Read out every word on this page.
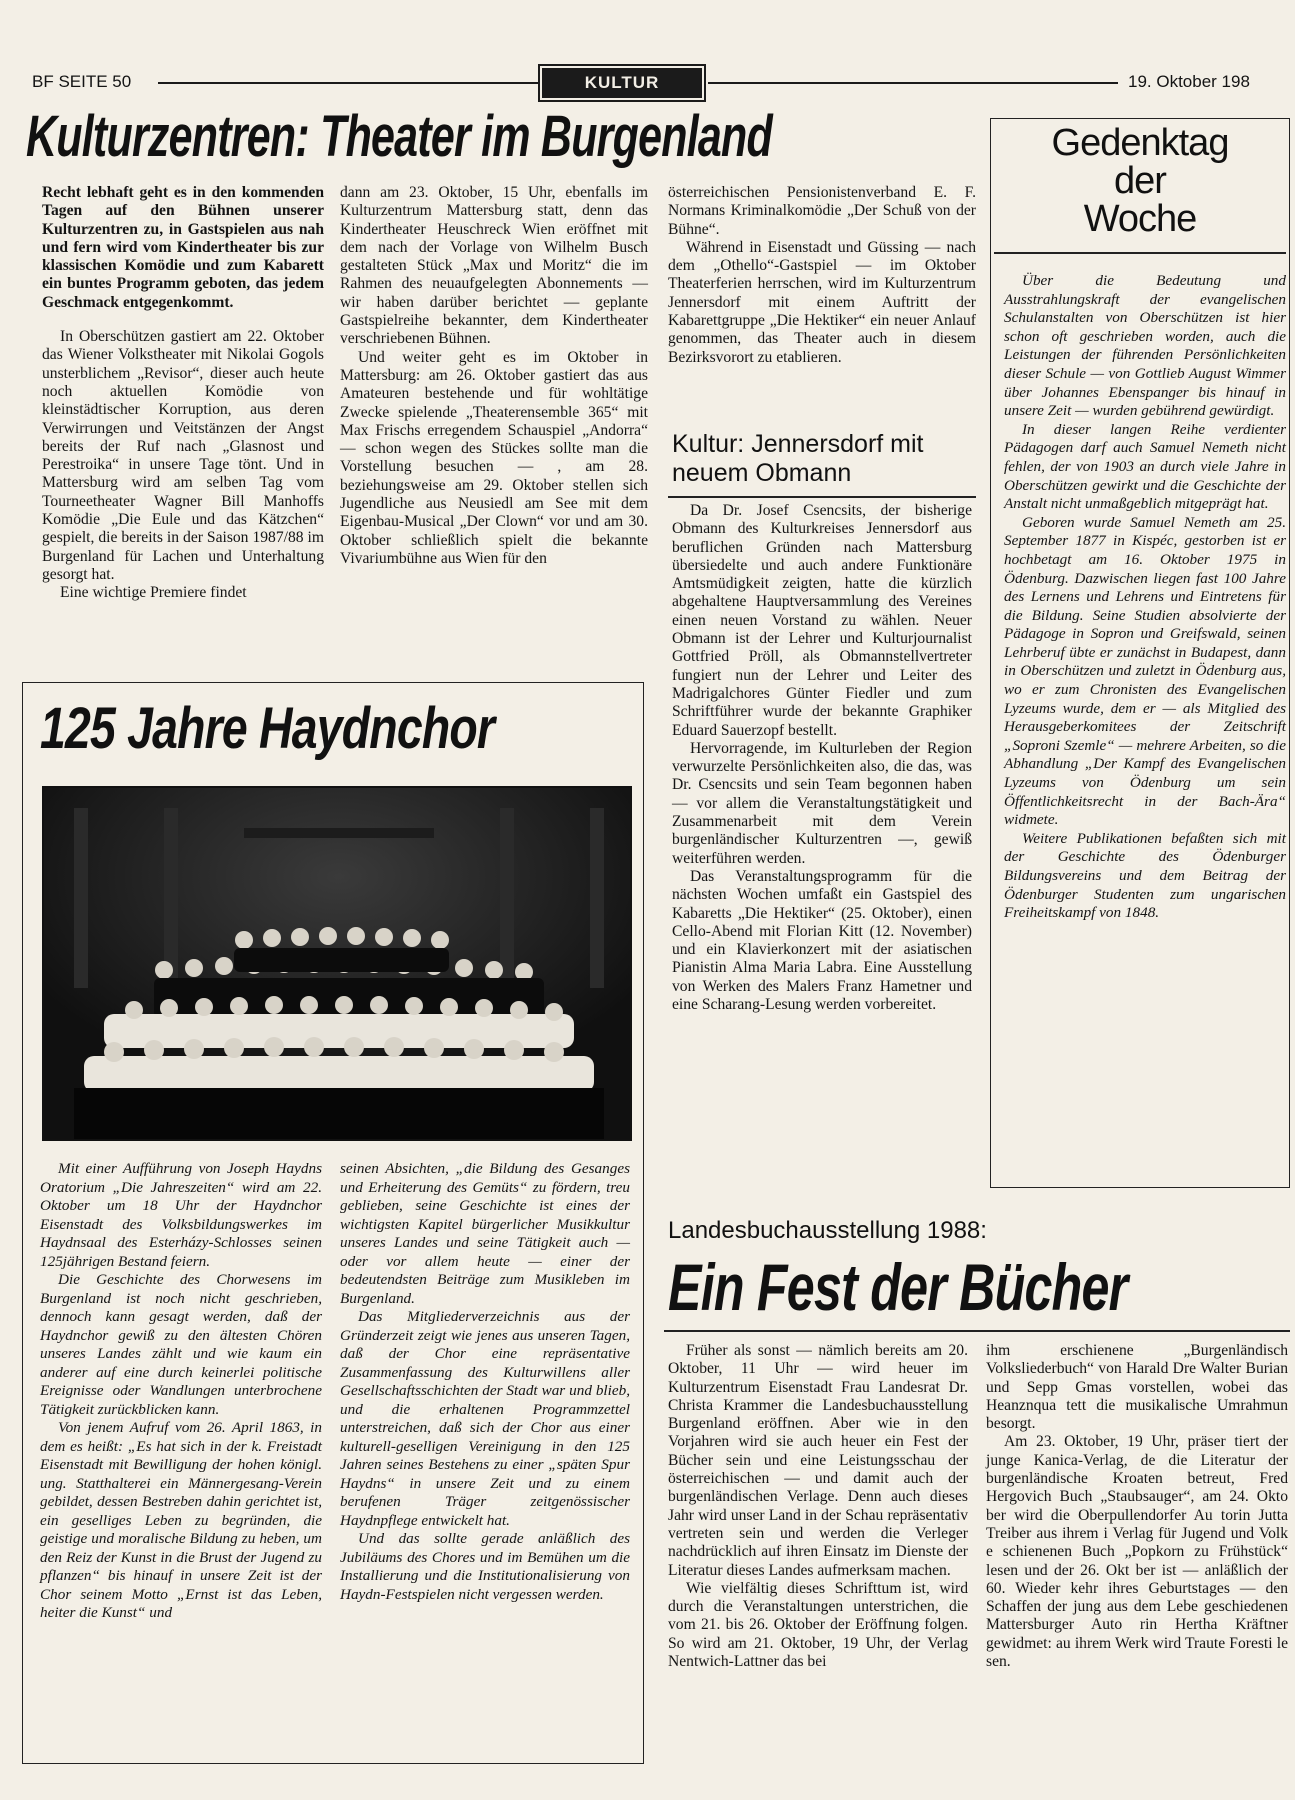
BF SEITE 50	KULTUR	19. Oktober 198
Kulturzentren: Theater im Burgenland

Recht lebhaft geht es in den kommenden Tagen auf den Bühnen unserer Kulturzentren zu, in Gastspielen aus nah und fern wird vom Kindertheater bis zur klassischen Komödie und zum Kabarett ein buntes Programm geboten, das jedem Geschmack entgegenkommt.

In Oberschützen gastiert am 22. Oktober das Wiener Volkstheater mit Nikolai Gogols unsterblichem „Revisor“, dieser auch heute noch aktuellen Komödie von kleinstädtischer Korruption, aus deren Verwirrungen und Veitstänzen der Angst bereits der Ruf nach „Glasnost und Perestroika“ in unsere Tage tönt. Und in Mattersburg wird am selben Tag vom Tourneetheater Wagner Bill Manhoffs Komödie „Die Eule und das Kätzchen“ gespielt, die bereits in der Saison 1987/88 im Burgenland für Lachen und Unterhaltung gesorgt hat.

Eine wichtige Premiere findet

dann am 23. Oktober, 15 Uhr, ebenfalls im Kulturzentrum Mattersburg statt, denn das Kindertheater Heuschreck Wien eröffnet mit dem nach der Vorlage von Wilhelm Busch gestalteten Stück „Max und Moritz“ die im Rahmen des neuaufgelegten Abonnements — wir haben darüber berichtet — geplante Gastspielreihe bekannter, dem Kindertheater verschriebenen Bühnen.

Und weiter geht es im Oktober in Mattersburg: am 26. Oktober gastiert das aus Amateuren bestehende und für wohltätige Zwecke spielende „Theaterensemble 365“ mit Max Frischs erregendem Schauspiel „Andorra“ — schon wegen des Stückes sollte man die Vorstellung besuchen — , am 28. beziehungsweise am 29. Oktober stellen sich Jugendliche aus Neusiedl am See mit dem Eigenbau-Musical „Der Clown“ vor und am 30. Oktober schließlich spielt die bekannte Vivariumbühne aus Wien für den

österreichischen Pensionistenverband E. F. Normans Kriminalkomödie „Der Schuß von der Bühne“.

Während in Eisenstadt und Güssing — nach dem „Othello“-Gastspiel — im Oktober Theaterferien herrschen, wird im Kulturzentrum Jennersdorf mit einem Auftritt der Kabarettgruppe „Die Hektiker“ ein neuer Anlauf genommen, das Theater auch in diesem Bezirksvorort zu etablieren.

Kultur: Jennersdorf mit neuem Obmann

Da Dr. Josef Csencsits, der bisherige Obmann des Kulturkreises Jennersdorf aus beruflichen Gründen nach Mattersburg übersiedelte und auch andere Funktionäre Amtsmüdigkeit zeigten, hatte die kürzlich abgehaltene Hauptversammlung des Vereines einen neuen Vorstand zu wählen. Neuer Obmann ist der Lehrer und Kulturjournalist Gottfried Pröll, als Obmannstellvertreter fungiert nun der Lehrer und Leiter des Madrigalchores Günter Fiedler und zum Schriftführer wurde der bekannte Graphiker Eduard Sauerzopf bestellt.

Hervorragende, im Kulturleben der Region verwurzelte Persönlichkeiten also, die das, was Dr. Csencsits und sein Team begonnen haben — vor allem die Veranstaltungstätigkeit und Zusammenarbeit mit dem Verein burgenländischer Kulturzentren —, gewiß weiterführen werden.

Das Veranstaltungsprogramm für die nächsten Wochen umfaßt ein Gastspiel des Kabaretts „Die Hektiker“ (25. Oktober), einen Cello-Abend mit Florian Kitt (12. November) und ein Klavierkonzert mit der asiatischen Pianistin Alma Maria Labra. Eine Ausstellung von Werken des Malers Franz Hametner und eine Scharang-Lesung werden vorbereitet.

Gedenktag
der
Woche

Über die Bedeutung und Ausstrahlungskraft der evangelischen Schulanstalten von Oberschützen ist hier schon oft geschrieben worden, auch die Leistungen der führenden Persönlichkeiten dieser Schule — von Gottlieb August Wimmer über Johannes Ebenspanger bis hinauf in unsere Zeit — wurden gebührend gewürdigt.

In dieser langen Reihe verdienter Pädagogen darf auch Samuel Nemeth nicht fehlen, der von 1903 an durch viele Jahre in Oberschützen gewirkt und die Geschichte der Anstalt nicht unmaßgeblich mitgeprägt hat.

Geboren wurde Samuel Nemeth am 25. September 1877 in Kispéc, gestorben ist er hochbetagt am 16. Oktober 1975 in Ödenburg. Dazwischen liegen fast 100 Jahre des Lernens und Lehrens und Eintretens für die Bildung. Seine Studien absolvierte der Pädagoge in Sopron und Greifswald, seinen Lehrberuf übte er zunächst in Budapest, dann in Oberschützen und zuletzt in Ödenburg aus, wo er zum Chronisten des Evangelischen Lyzeums wurde, dem er — als Mitglied des Herausgeberkomitees der Zeitschrift „Soproni Szemle“ — mehrere Arbeiten, so die Abhandlung „Der Kampf des Evangelischen Lyzeums von Ödenburg um sein Öffentlichkeitsrecht in der Bach-Ära“ widmete.

Weitere Publikationen befaßten sich mit der Geschichte des Ödenburger Bildungsvereins und dem Beitrag der Ödenburger Studenten zum ungarischen Freiheitskampf von 1848.

125 Jahre Haydnchor

Mit einer Aufführung von Joseph Haydns Oratorium „Die Jahreszeiten“ wird am 22. Oktober um 18 Uhr der Haydnchor Eisenstadt des Volksbildungswerkes im Haydnsaal des Esterházy-Schlosses seinen 125jährigen Bestand feiern.

Die Geschichte des Chorwesens im Burgenland ist noch nicht geschrieben, dennoch kann gesagt werden, daß der Haydnchor gewiß zu den ältesten Chören unseres Landes zählt und wie kaum ein anderer auf eine durch keinerlei politische Ereignisse oder Wandlungen unterbrochene Tätigkeit zurückblicken kann.

Von jenem Aufruf vom 26. April 1863, in dem es heißt: „Es hat sich in der k. Freistadt Eisenstadt mit Bewilligung der hohen königl. ung. Statthalterei ein Männergesang-Verein gebildet, dessen Bestreben dahin gerichtet ist, ein geselliges Leben zu begründen, die geistige und moralische Bildung zu heben, um den Reiz der Kunst in die Brust der Jugend zu pflanzen“ bis hinauf in unsere Zeit ist der Chor seinem Motto „Ernst ist das Leben, heiter die Kunst“ und

seinen Absichten, „die Bildung des Gesanges und Erheiterung des Gemüts“ zu fördern, treu geblieben, seine Geschichte ist eines der wichtigsten Kapitel bürgerlicher Musikkultur unseres Landes und seine Tätigkeit auch — oder vor allem heute — einer der bedeutendsten Beiträge zum Musikleben im Burgenland.

Das Mitgliederverzeichnis aus der Gründerzeit zeigt wie jenes aus unseren Tagen, daß der Chor eine repräsentative Zusammenfassung des Kulturwillens aller Gesellschaftsschichten der Stadt war und blieb, und die erhaltenen Programmzettel unterstreichen, daß sich der Chor aus einer kulturell-geselligen Vereinigung in den 125 Jahren seines Bestehens zu einer „späten Spur Haydns“ in unsere Zeit und zu einem berufenen Träger zeitgenössischer Haydnpflege entwickelt hat.

Und das sollte gerade anläßlich des Jubiläums des Chores und im Bemühen um die Installierung und die Institutionalisierung von Haydn-Festspielen nicht vergessen werden.

Landesbuchausstellung 1988:
Ein Fest der Bücher

Früher als sonst — nämlich bereits am 20. Oktober, 11 Uhr — wird heuer im Kulturzentrum Eisenstadt Frau Landesrat Dr. Christa Krammer die Landesbuchausstellung Burgenland eröffnen. Aber wie in den Vorjahren wird sie auch heuer ein Fest der Bücher sein und eine Leistungsschau der österreichischen — und damit auch der burgenländischen Verlage. Denn auch dieses Jahr wird unser Land in der Schau repräsentativ vertreten sein und werden die Verleger nachdrücklich auf ihren Einsatz im Dienste der Literatur dieses Landes aufmerksam machen.

Wie vielfältig dieses Schrifttum ist, wird durch die Veranstaltungen unterstrichen, die vom 21. bis 26. Oktober der Eröffnung folgen. So wird am 21. Oktober, 19 Uhr, der Verlag Nentwich-Lattner das bei

ihm erschienene „Burgenländisch Volksliederbuch“ von Harald Dre Walter Burian und Sepp Gmas vorstellen, wobei das Heanznqua tett die musikalische Umrahmun besorgt.

Am 23. Oktober, 19 Uhr, präser tiert der junge Kanica-Verlag, de die Literatur der burgenländische Kroaten betreut, Fred Hergovich Buch „Staubsauger“, am 24. Okto ber wird die Oberpullendorfer Au torin Jutta Treiber aus ihrem i Verlag für Jugend und Volk e schienenen Buch „Popkorn zu Frühstück“ lesen und der 26. Okt ber ist — anläßlich der 60. Wieder kehr ihres Geburtstages — den Schaffen der jung aus dem Lebe geschiedenen Mattersburger Auto rin Hertha Kräftner gewidmet: au ihrem Werk wird Traute Foresti le sen.
